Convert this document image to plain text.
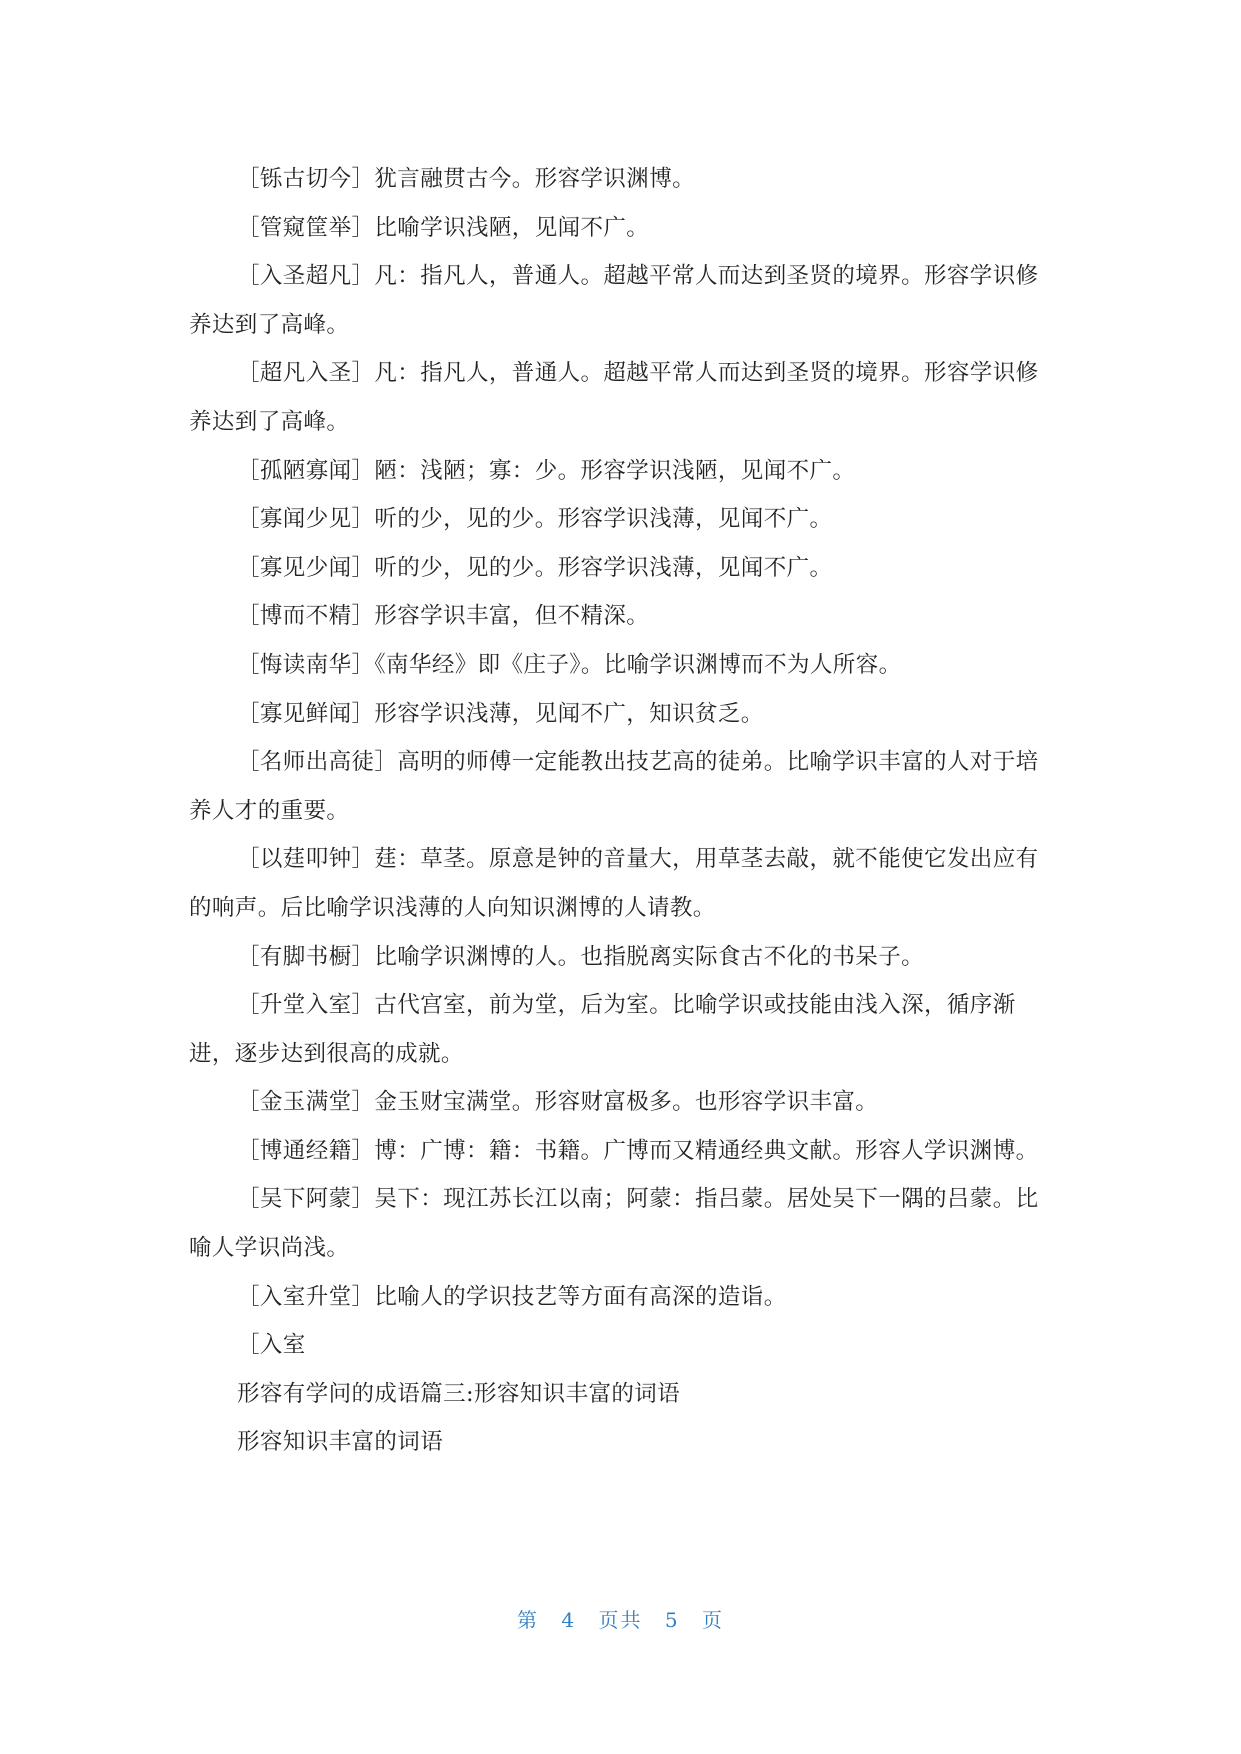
［铄古切今］犹言融贯古今。形容学识渊博。

［管窥筐举］比喻学识浅陋，见闻不广。

［入圣超凡］凡：指凡人，普通人。超越平常人而达到圣贤的境界。形容学识修养达到了高峰。

［超凡入圣］凡：指凡人，普通人。超越平常人而达到圣贤的境界。形容学识修养达到了高峰。

［孤陋寡闻］陋：浅陋；寡：少。形容学识浅陋，见闻不广。

［寡闻少见］听的少，见的少。形容学识浅薄，见闻不广。

［寡见少闻］听的少，见的少。形容学识浅薄，见闻不广。

［博而不精］形容学识丰富，但不精深。

［悔读南华］《南华经》即《庄子》。比喻学识渊博而不为人所容。

［寡见鲜闻］形容学识浅薄，见闻不广，知识贫乏。

［名师出高徒］高明的师傅一定能教出技艺高的徒弟。比喻学识丰富的人对于培养人才的重要。

［以莛叩钟］莛：草茎。原意是钟的音量大，用草茎去敲，就不能使它发出应有的响声。后比喻学识浅薄的人向知识渊博的人请教。

［有脚书橱］比喻学识渊博的人。也指脱离实际食古不化的书呆子。

［升堂入室］古代宫室，前为堂，后为室。比喻学识或技能由浅入深，循序渐进，逐步达到很高的成就。

［金玉满堂］金玉财宝满堂。形容财富极多。也形容学识丰富。

［博通经籍］博：广博：籍：书籍。广博而又精通经典文献。形容人学识渊博。

［吴下阿蒙］吴下：现江苏长江以南；阿蒙：指吕蒙。居处吴下一隅的吕蒙。比喻人学识尚浅。

［入室升堂］比喻人的学识技艺等方面有高深的造诣。

［入室

形容有学问的成语篇三:形容知识丰富的词语

形容知识丰富的词语

第 4 页共 5 页
